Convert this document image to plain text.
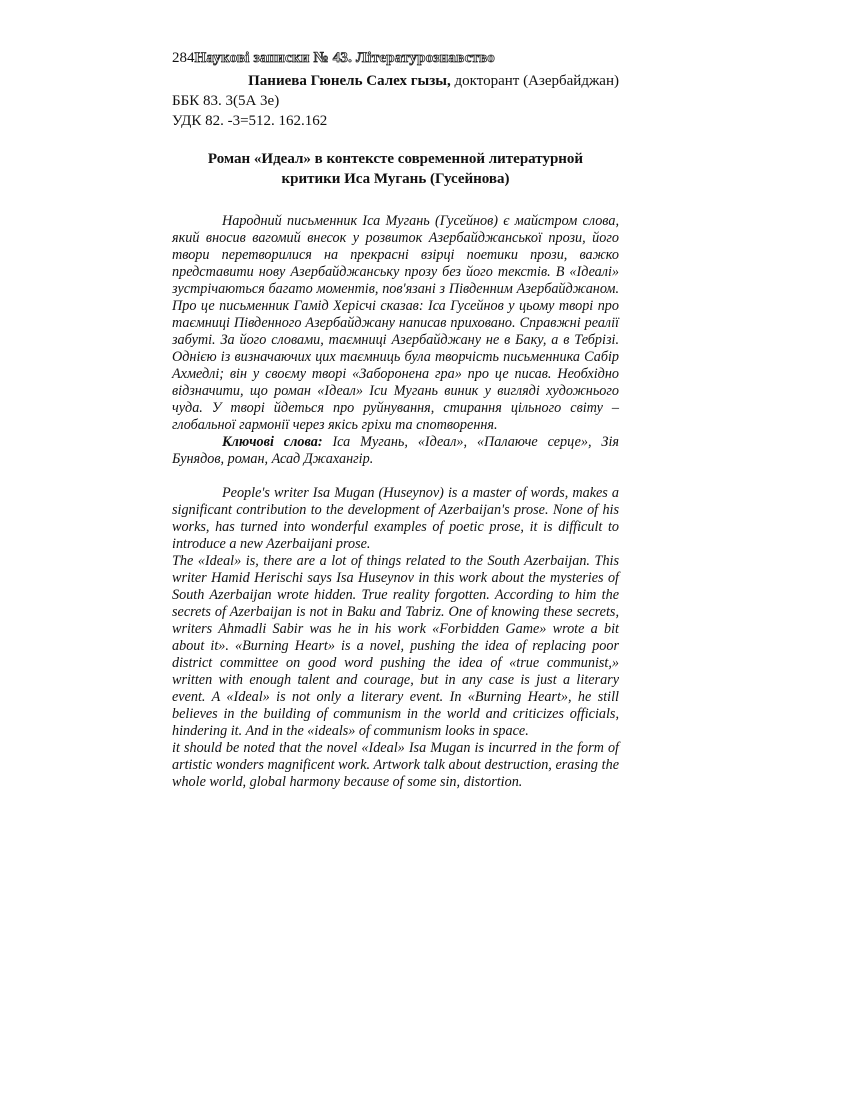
284Наукові записки № 43. Літературознавство

Паниева Гюнель Салех гызы, докторант (Азербайджан)

ББК 83. 3(5А 3е)

УДК 82. -3=512. 162.162

Роман «Идеал» в контексте современной литературной
критики Иса Мугань (Гусейнова)

Народний письменник Іса Мугань (Гусейнов) є майстром слова, який вносив вагомий внесок у розвиток Азербайджанської прози, його твори перетворилися на прекрасні взірці поетики прози, важко представити нову Азербайджанську прозу без його текстів. В «Ідеалі» зустрічаються багато моментів, пов'язані з Південним Азербайджаном. Про це письменник Гамід Херісчі сказав: Іса Гусейнов у цьому творі про таємниці Південного Азербайджану написав приховано. Справжні реалії забуті. За його словами, таємниці Азербайджану не в Баку, а в Тебрізі. Однією із визначаючих цих таємниць була творчість письменника Сабір Ахмедлі; він у своєму творі «Заборонена гра» про це писав. Необхідно відзначити, що роман «Ідеал» Іси Мугань виник у вигляді художнього чуда. У творі йдеться про руйнування, стирання цільного світу – глобальної гармонії через якісь гріхи та спотворення.

Ключові слова: Іса Мугань, «Ідеал», «Палаюче серце», Зія Бунядов, роман, Асад Джахангір.

People's writer Isa Mugan (Huseynov) is a master of words, makes a significant contribution to the development of Azerbaijan's prose. None of his works, has turned into wonderful examples of poetic prose, it is difficult to introduce a new Azerbaijani prose.

The «Ideal» is, there are a lot of things related to the South Azerbaijan. This writer Hamid Herischi says Isa Huseynov in this work about the mysteries of South Azerbaijan wrote hidden. True reality forgotten. According to him the secrets of Azerbaijan is not in Baku and Tabriz. One of knowing these secrets, writers Ahmadli Sabir was he in his work «Forbidden Game» wrote a bit about it». «Burning Heart» is a novel, pushing the idea of replacing poor district committee on good word pushing the idea of «true communist,» written with enough talent and courage, but in any case is just a literary event. A «Ideal» is not only a literary event. In «Burning Heart», he still believes in the building of communism in the world and criticizes officials, hindering it. And in the «ideals» of communism looks in space.

it should be noted that the novel «Ideal» Isa Mugan is incurred in the form of artistic wonders magnificent work. Artwork talk about destruction, erasing the whole world, global harmony because of some sin, distortion.
